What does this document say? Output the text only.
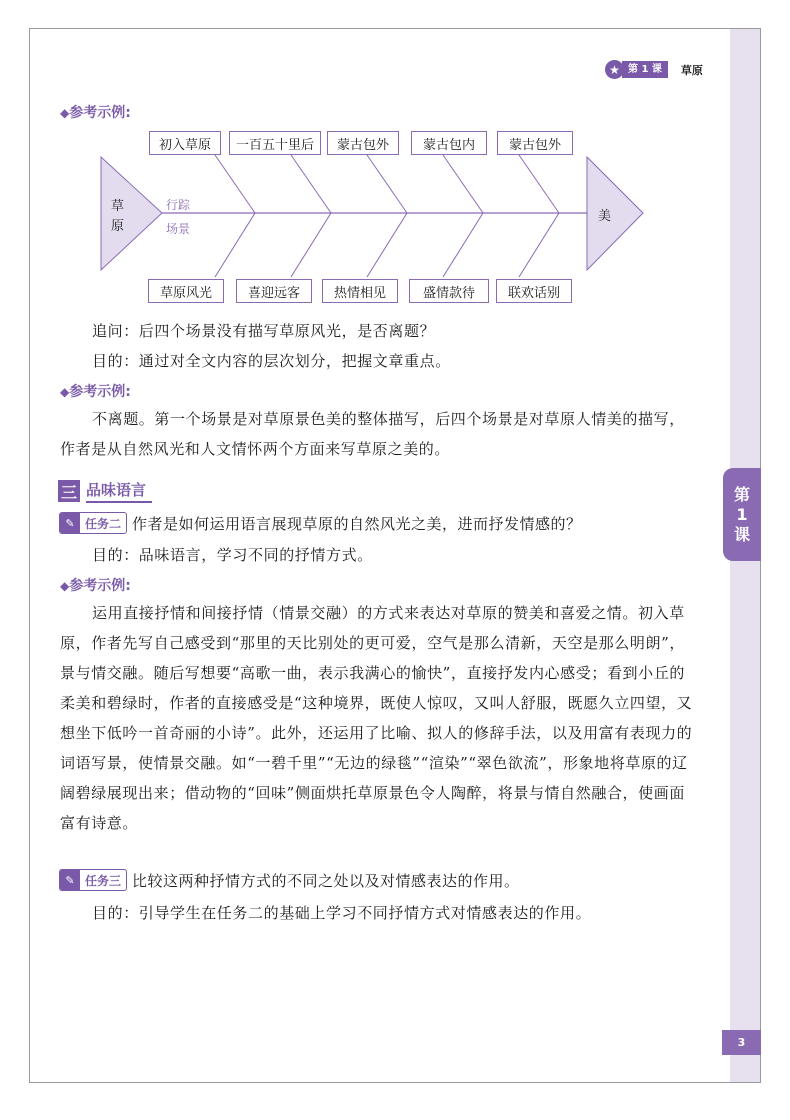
★ 第 1 课	草原
第
1
课
3
◆参考示例:
草
原
行踪
场景
美
初入草原	一百五十里后	蒙古包外	蒙古包内	蒙古包外
草原风光	喜迎远客	热情相见	盛情款待	联欢话别
追问：后四个场景没有描写草原风光，是否离题？
目的：通过对全文内容的层次划分，把握文章重点。
◆参考示例:
不离题。第一个场景是对草原景色美的整体描写，后四个场景是对草原人情美的描写，作者是从自然风光和人文情怀两个方面来写草原之美的。
三 品味语言
✎ 任务二 作者是如何运用语言展现草原的自然风光之美，进而抒发情感的？
目的：品味语言，学习不同的抒情方式。
◆参考示例:
运用直接抒情和间接抒情（情景交融）的方式来表达对草原的赞美和喜爱之情。初入草原，作者先写自己感受到“那里的天比别处的更可爱，空气是那么清新，天空是那么明朗”，景与情交融。随后写想要“高歌一曲，表示我满心的愉快”，直接抒发内心感受；看到小丘的柔美和碧绿时，作者的直接感受是“这种境界，既使人惊叹，又叫人舒服，既愿久立四望，又想坐下低吟一首奇丽的小诗”。此外，还运用了比喻、拟人的修辞手法，以及用富有表现力的词语写景，使情景交融。如“一碧千里”“无边的绿毯”“渲染”“翠色欲流”，形象地将草原的辽阔碧绿展现出来；借动物的“回味”侧面烘托草原景色令人陶醉，将景与情自然融合，使画面富有诗意。
✎ 任务三 比较这两种抒情方式的不同之处以及对情感表达的作用。
目的：引导学生在任务二的基础上学习不同抒情方式对情感表达的作用。
